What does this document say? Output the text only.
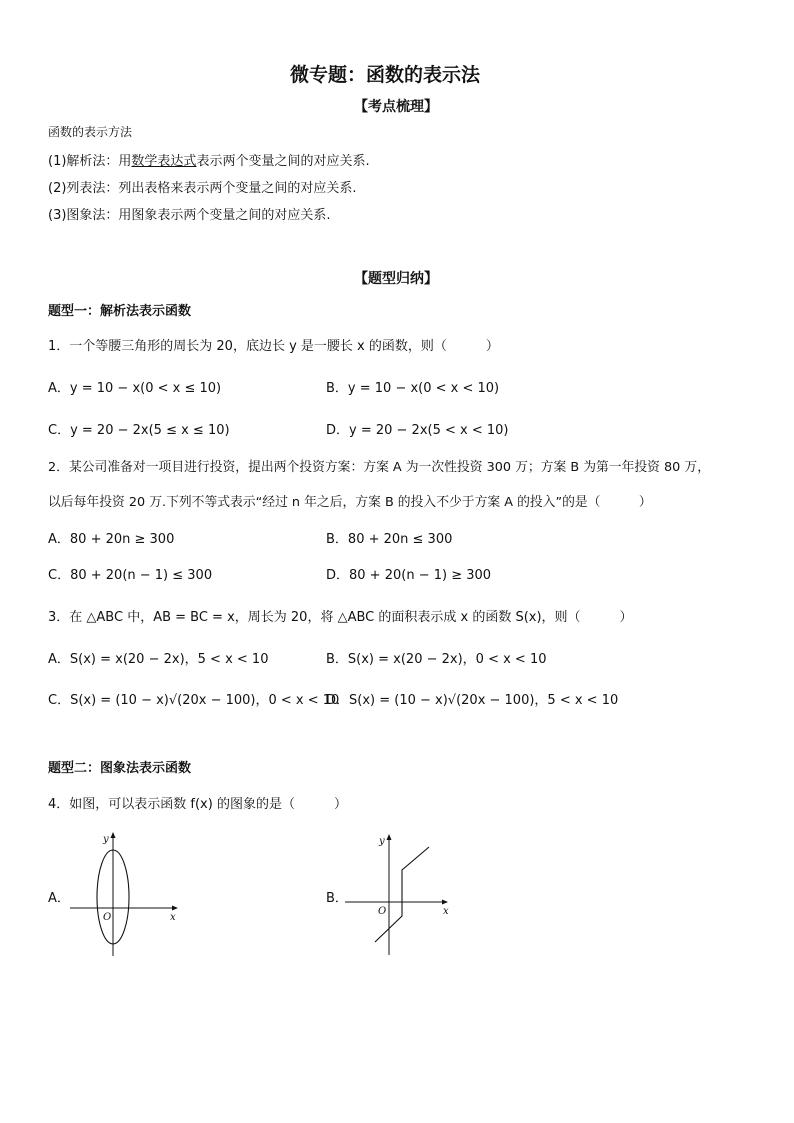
微专题：函数的表示法
【考点梳理】
函数的表示方法
(1)解析法：用数学表达式表示两个变量之间的对应关系.
(2)列表法：列出表格来表示两个变量之间的对应关系.
(3)图象法：用图象表示两个变量之间的对应关系.
【题型归纳】
题型一：解析法表示函数
1．一个等腰三角形的周长为 20，底边长 y 是一腰长 x 的函数，则（　　　）
A．y = 10 − x(0 < x ≤ 10)	B．y = 10 − x(0 < x < 10)
C．y = 20 − 2x(5 ≤ x ≤ 10)	D．y = 20 − 2x(5 < x < 10)
2．某公司准备对一项目进行投资，提出两个投资方案：方案 A 为一次性投资 300 万；方案 B 为第一年投资 80 万，
以后每年投资 20 万.下列不等式表示“经过 n 年之后，方案 B 的投入不少于方案 A 的投入”的是（　　　）
A．80 + 20n ≥ 300	B．80 + 20n ≤ 300
C．80 + 20(n − 1) ≤ 300	D．80 + 20(n − 1) ≥ 300
3．在 △ABC 中，AB = BC = x，周长为 20，将 △ABC 的面积表示成 x 的函数 S(x)，则（　　　）
A．S(x) = x(20 − 2x)，5 < x < 10	B．S(x) = x(20 − 2x)，0 < x < 10
C．S(x) = (10 − x)√(20x − 100)，0 < x < 10
D．S(x) = (10 − x)√(20x − 100)，5 < x < 10
题型二：图象法表示函数
4．如图，可以表示函数 f(x) 的图象的是（　　　）
A．
x
y
O
B．
x
y
O
